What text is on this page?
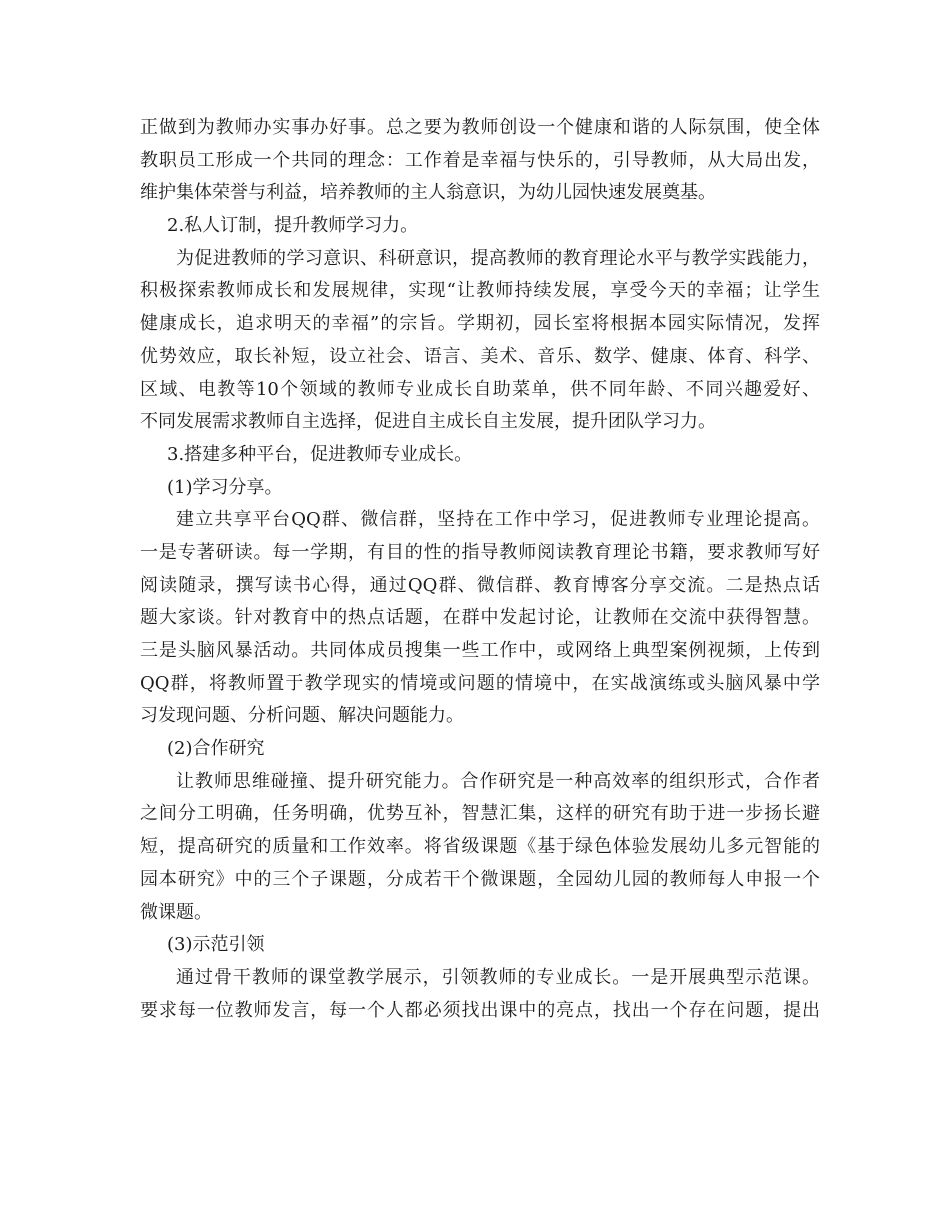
正做到为教师办实事办好事。总之要为教师创设一个健康和谐的人际氛围，使全体
教职员工形成一个共同的理念：工作着是幸福与快乐的，引导教师，从大局出发，
维护集体荣誉与利益，培养教师的主人翁意识，为幼儿园快速发展奠基。
2.私人订制，提升教师学习力。
为促进教师的学习意识、科研意识，提高教师的教育理论水平与教学实践能力，
积极探索教师成长和发展规律，实现“让教师持续发展，享受今天的幸福；让学生
健康成长，追求明天的幸福”的宗旨。学期初，园长室将根据本园实际情况，发挥
优势效应，取长补短，设立社会、语言、美术、音乐、数学、健康、体育、科学、
区域、电教等10个领域的教师专业成长自助菜单，供不同年龄、不同兴趣爱好、
不同发展需求教师自主选择，促进自主成长自主发展，提升团队学习力。
3.搭建多种平台，促进教师专业成长。
(1)学习分享。
建立共享平台QQ群、微信群，坚持在工作中学习，促进教师专业理论提高。
一是专著研读。每一学期，有目的性的指导教师阅读教育理论书籍，要求教师写好
阅读随录，撰写读书心得，通过QQ群、微信群、教育博客分享交流。二是热点话
题大家谈。针对教育中的热点话题，在群中发起讨论，让教师在交流中获得智慧。
三是头脑风暴活动。共同体成员搜集一些工作中，或网络上典型案例视频，上传到
QQ群，将教师置于教学现实的情境或问题的情境中，在实战演练或头脑风暴中学
习发现问题、分析问题、解决问题能力。
(2)合作研究
让教师思维碰撞、提升研究能力。合作研究是一种高效率的组织形式，合作者
之间分工明确，任务明确，优势互补，智慧汇集，这样的研究有助于进一步扬长避
短，提高研究的质量和工作效率。将省级课题《基于绿色体验发展幼儿多元智能的
园本研究》中的三个子课题，分成若干个微课题，全园幼儿园的教师每人申报一个
微课题。
(3)示范引领
通过骨干教师的课堂教学展示，引领教师的专业成长。一是开展典型示范课。
要求每一位教师发言，每一个人都必须找出课中的亮点，找出一个存在问题，提出
